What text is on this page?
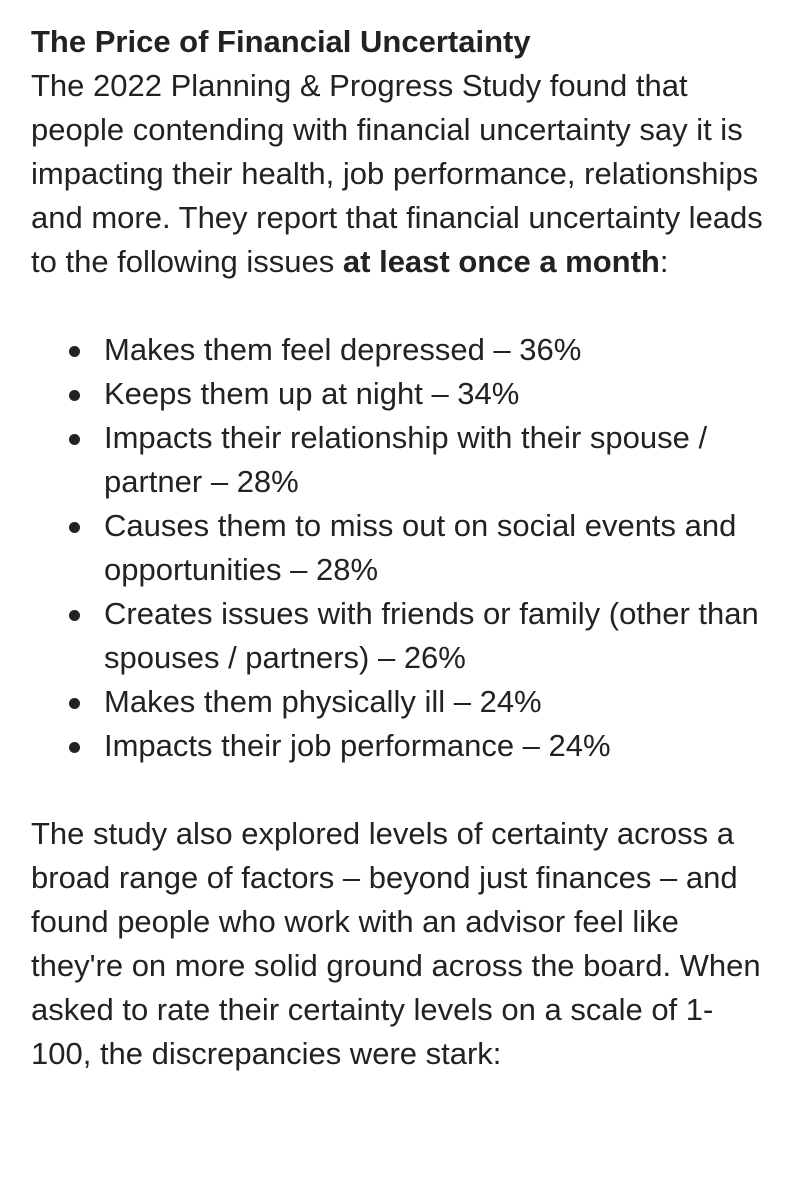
The Price of Financial Uncertainty

The 2022 Planning & Progress Study found that people contending with financial uncertainty say it is impacting their health, job performance, relationships and more. They report that financial uncertainty leads to the following issues at least once a month:

Makes them feel depressed – 36%
Keeps them up at night – 34%
Impacts their relationship with their spouse / partner – 28%
Causes them to miss out on social events and opportunities – 28%
Creates issues with friends or family (other than spouses / partners) – 26%
Makes them physically ill – 24%
Impacts their job performance – 24%

The study also explored levels of certainty across a broad range of factors – beyond just finances – and found people who work with an advisor feel like they're on more solid ground across the board. When asked to rate their certainty levels on a scale of 1-100, the discrepancies were stark:
